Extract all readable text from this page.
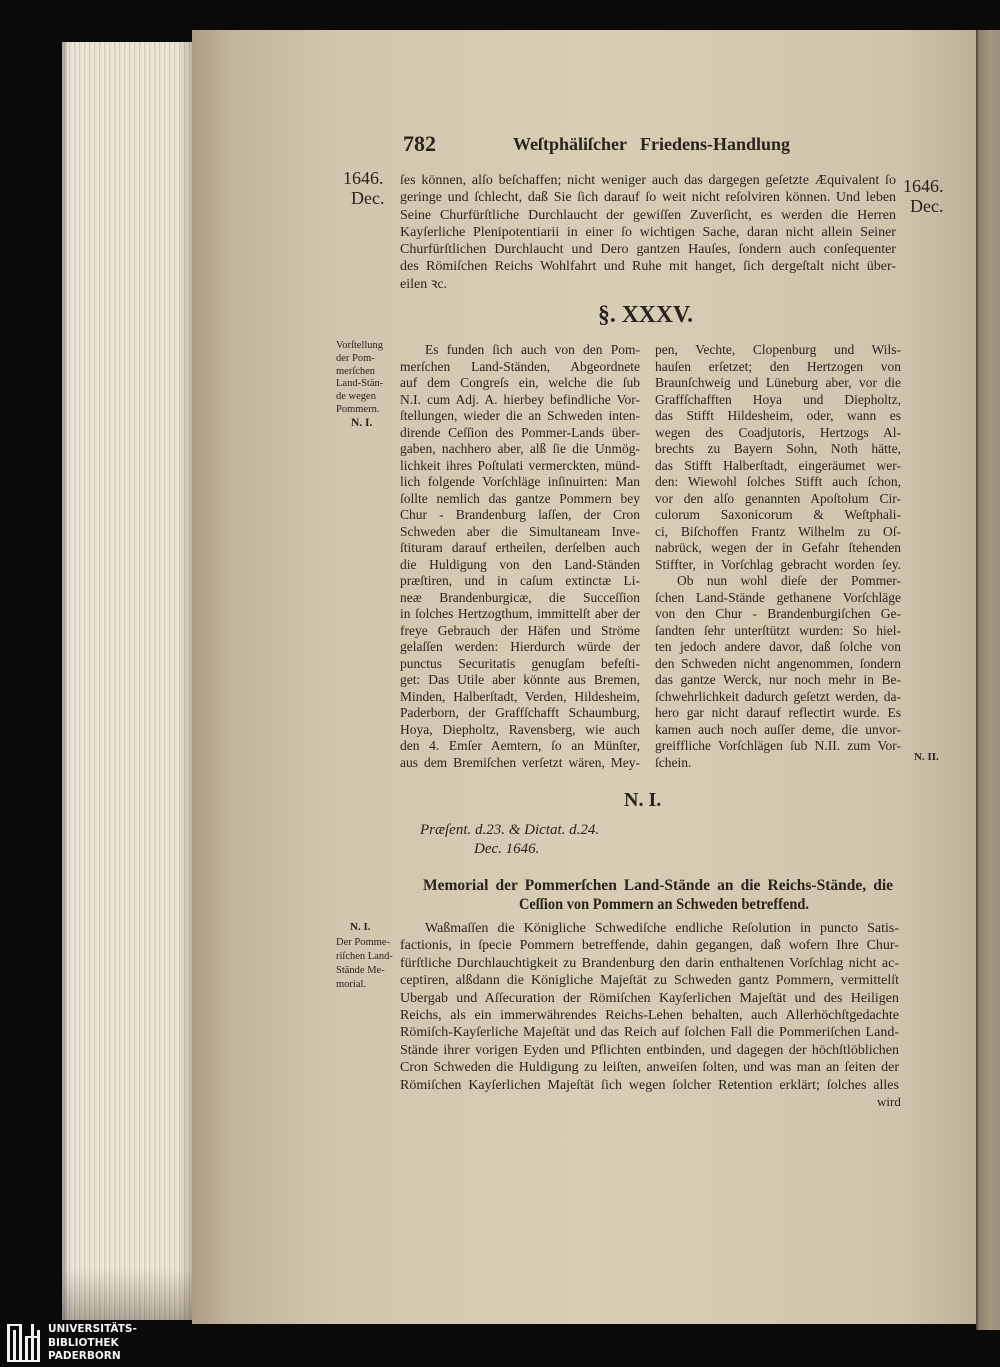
782	Weſtphäliſcher Friedens-Handlung
1646.
Dec.
1646.
Dec.
ſes können, alſo beſchaffen; nicht weniger auch das dargegen geſetzte Æquivalent ſo
geringe und ſchlecht, daß Sie ſich darauf ſo weit nicht reſolviren können. Und leben
Seine Churfürſtliche Durchlaucht der gewiſſen Zuverſicht, es werden die Herren
Kayſerliche Plenipotentiarii in einer ſo wichtigen Sache, daran nicht allein Seiner
Churfürſtlichen Durchlaucht und Dero gantzen Hauſes, ſondern auch conſequenter
des Römiſchen Reichs Wohlfahrt und Ruhe mit hanget, ſich dergeſtalt nicht über-
eilen ꝛc.
§. XXXV.
Vorſtellung
der Pom-
merſchen
Land-Stän-
de wegen
Pommern.
N. I.
Es funden ſich auch von den Pom-
merſchen Land-Ständen, Abgeordnete
auf dem Congreſs ein, welche die ſub
N.I. cum Adj. A. hierbey befindliche Vor-
ſtellungen, wieder die an Schweden inten-
dirende Ceſſion des Pommer-Lands über-
gaben, nachhero aber, alß ſie die Unmög-
lichkeit ihres Poſtulati vermerckten, münd-
lich folgende Vorſchläge inſinuirten: Man
ſollte nemlich das gantze Pommern bey
Chur - Brandenburg laſſen, der Cron
Schweden aber die Simultaneam Inve-
ſtituram darauf ertheilen, derſelben auch
die Huldigung von den Land-Ständen
præſtiren, und in caſum extinctæ Li-
neæ Brandenburgicæ, die Succeſſion
in ſolches Hertzogthum, immittelſt aber der
freye Gebrauch der Häfen und Ströme
gelaſſen werden: Hierdurch würde der
punctus Securitatis genugſam befeſti-
get: Das Utile aber könnte aus Bremen,
Minden, Halberſtadt, Verden, Hildesheim,
Paderborn, der Graffſchafft Schaumburg,
Hoya, Diepholtz, Ravensberg, wie auch
den 4. Emſer Aemtern, ſo an Münſter,
aus dem Bremiſchen verſetzt wären, Mey-
pen, Vechte, Clopenburg und Wils-
hauſen erſetzet; den Hertzogen von
Braunſchweig und Lüneburg aber, vor die
Graffſchafften Hoya und Diepholtz,
das Stifft Hildesheim, oder, wann es
wegen des Coadjutoris, Hertzogs Al-
brechts zu Bayern Sohn, Noth hätte,
das Stifft Halberſtadt, eingeräumet wer-
den: Wiewohl ſolches Stifft auch ſchon,
vor den alſo genannten Apoſtolum Cir-
culorum Saxonicorum & Weſtphali-
ci, Biſchoffen Frantz Wilhelm zu Oſ-
nabrück, wegen der in Gefahr ſtehenden
Stiffter, in Vorſchlag gebracht worden ſey.
Ob nun wohl dieſe der Pommer-
ſchen Land-Stände gethanene Vorſchläge
von den Chur - Brandenburgiſchen Ge-
ſandten ſehr unterſtützt wurden: So hiel-
ten jedoch andere davor, daß ſolche von
den Schweden nicht angenommen, ſondern
das gantze Werck, nur noch mehr in Be-
ſchwehrlichkeit dadurch geſetzt werden, da-
hero gar nicht darauf reflectirt wurde. Es
kamen auch noch auſſer deme, die unvor-
greiffliche Vorſchlägen ſub N.II. zum Vor-
ſchein.	N. II.
N. I.
Præſent. d.23. & Dictat. d.24.
Dec. 1646.
Memorial der Pommerſchen Land-Stände an die Reichs-Stände, die
Ceſſion von Pommern an Schweden betreffend.
N. I.
Der Pomme-
riſchen Land-
Stände Me-
morial.
Waßmaſſen die Königliche Schwediſche endliche Reſolution in puncto Satis-
factionis, in ſpecie Pommern betreffende, dahin gegangen, daß wofern Ihre Chur-
fürſtliche Durchlauchtigkeit zu Brandenburg den darin enthaltenen Vorſchlag nicht ac-
ceptiren, alßdann die Königliche Majeſtät zu Schweden gantz Pommern, vermittelſt
Ubergab und Aſſecuration der Römiſchen Kayſerlichen Majeſtät und des Heiligen
Reichs, als ein immerwährendes Reichs-Lehen behalten, auch Allerhöchſtgedachte
Römiſch-Kayſerliche Majeſtät und das Reich auf ſolchen Fall die Pommeriſchen Land-
Stände ihrer vorigen Eyden und Pflichten entbinden, und dagegen der höchſtlöblichen
Cron Schweden die Huldigung zu leiſten, anweiſen ſolten, und was man an ſeiten der
Römiſchen Kayſerlichen Majeſtät ſich wegen ſolcher Retention erklärt; ſolches alles
wird
UNIVERSITÄTS-
BIBLIOTHEK
PADERBORN
